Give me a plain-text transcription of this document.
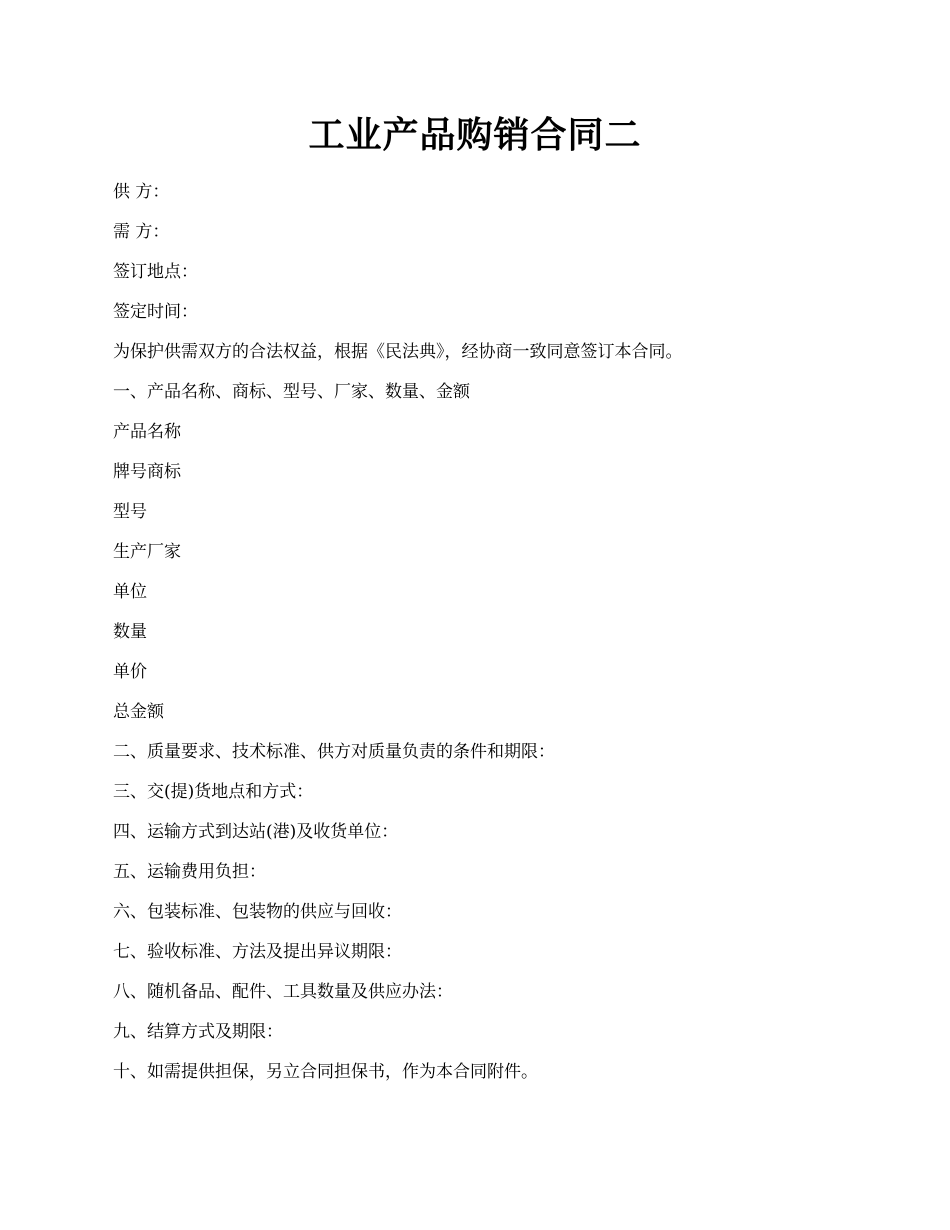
工业产品购销合同二
供 方：
需 方：
签订地点：
签定时间：
为保护供需双方的合法权益，根据《民法典》，经协商一致同意签订本合同。
一、产品名称、商标、型号、厂家、数量、金额
产品名称
牌号商标
型号
生产厂家
单位
数量
单价
总金额
二、质量要求、技术标准、供方对质量负责的条件和期限：
三、交(提)货地点和方式：
四、运输方式到达站(港)及收货单位：
五、运输费用负担：
六、包装标准、包装物的供应与回收：
七、验收标准、方法及提出异议期限：
八、随机备品、配件、工具数量及供应办法：
九、结算方式及期限：
十、如需提供担保，另立合同担保书，作为本合同附件。
